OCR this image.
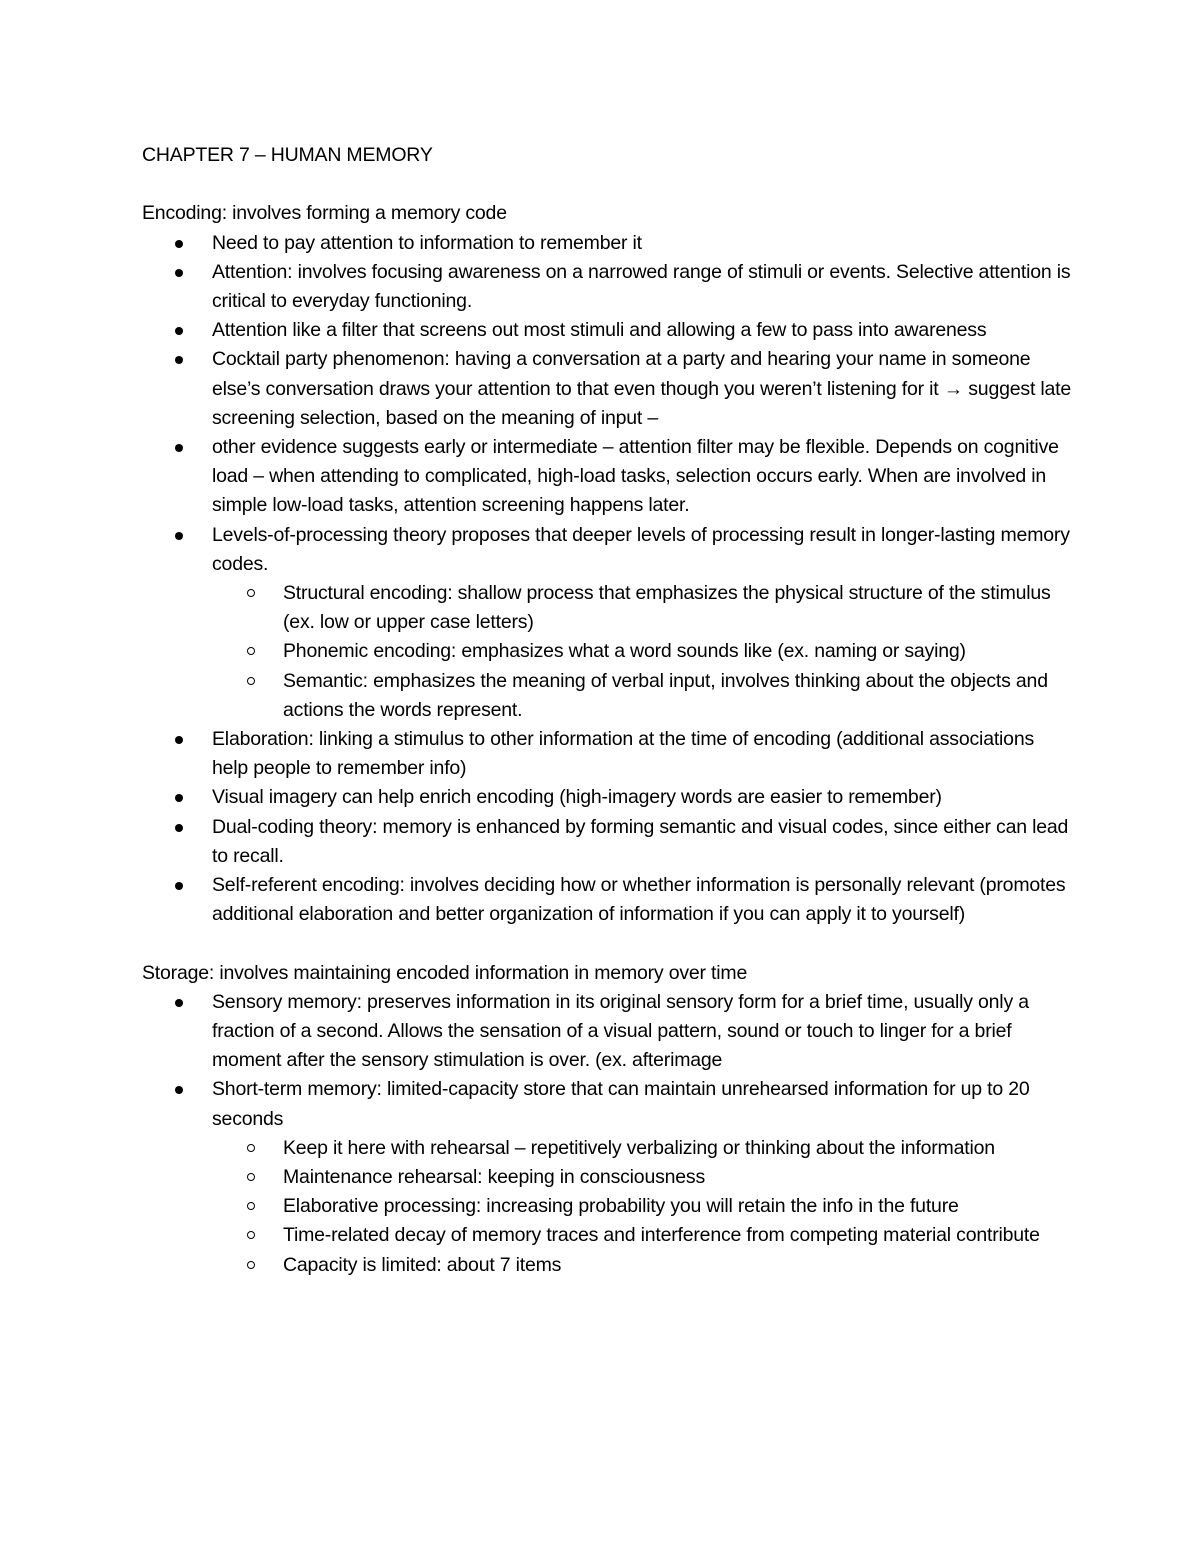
CHAPTER 7 – HUMAN MEMORY
Encoding: involves forming a memory code
Need to pay attention to information to remember it
Attention: involves focusing awareness on a narrowed range of stimuli or events. Selective attention is critical to everyday functioning.
Attention like a filter that screens out most stimuli and allowing a few to pass into awareness
Cocktail party phenomenon: having a conversation at a party and hearing your name in someone else’s conversation draws your attention to that even though you weren’t listening for it → suggest late screening selection, based on the meaning of input –
other evidence suggests early or intermediate – attention filter may be flexible. Depends on cognitive load – when attending to complicated, high-load tasks, selection occurs early. When are involved in simple low-load tasks, attention screening happens later.
Levels-of-processing theory proposes that deeper levels of processing result in longer-lasting memory codes.
Structural encoding: shallow process that emphasizes the physical structure of the stimulus (ex. low or upper case letters)
Phonemic encoding: emphasizes what a word sounds like (ex. naming or saying)
Semantic: emphasizes the meaning of verbal input, involves thinking about the objects and actions the words represent.
Elaboration: linking a stimulus to other information at the time of encoding (additional associations help people to remember info)
Visual imagery can help enrich encoding (high-imagery words are easier to remember)
Dual-coding theory: memory is enhanced by forming semantic and visual codes, since either can lead to recall.
Self-referent encoding: involves deciding how or whether information is personally relevant (promotes additional elaboration and better organization of information if you can apply it to yourself)
Storage: involves maintaining encoded information in memory over time
Sensory memory: preserves information in its original sensory form for a brief time, usually only a fraction of a second. Allows the sensation of a visual pattern, sound or touch to linger for a brief moment after the sensory stimulation is over. (ex. afterimage
Short-term memory: limited-capacity store that can maintain unrehearsed information for up to 20 seconds
Keep it here with rehearsal – repetitively verbalizing or thinking about the information
Maintenance rehearsal: keeping in consciousness
Elaborative processing: increasing probability you will retain the info in the future
Time-related decay of memory traces and interference from competing material contribute
Capacity is limited: about 7 items
